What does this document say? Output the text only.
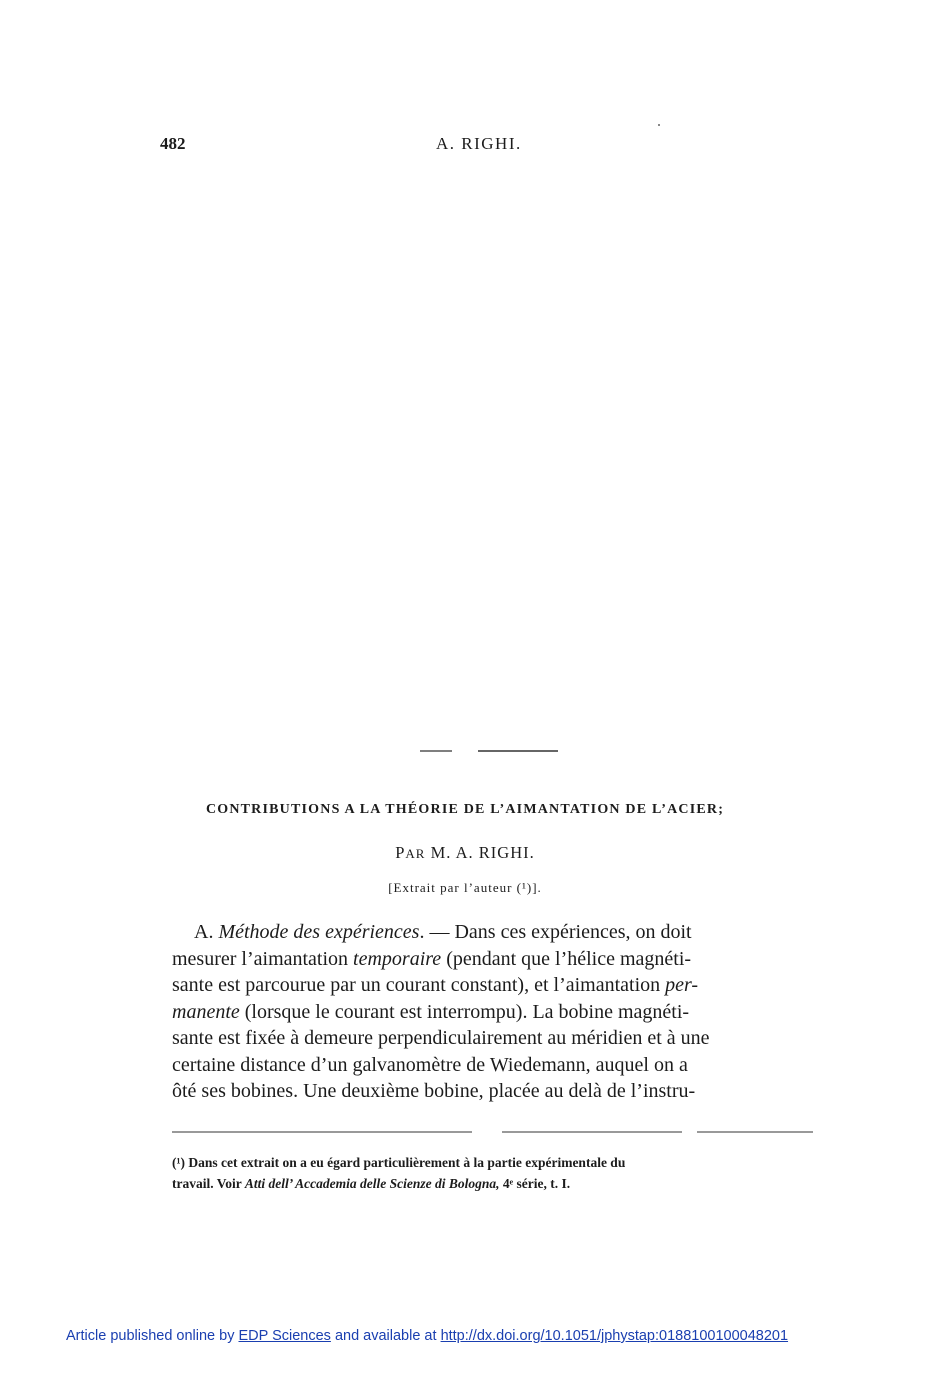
482	A. RIGHI.
CONTRIBUTIONS A LA THÉORIE DE L’AIMANTATION DE L’ACIER;
PAR M. A. RIGHI.
[Extrait par l’auteur (¹)].
A. Méthode des expériences. — Dans ces expériences, on doit
mesurer l’aimantation temporaire (pendant que l’hélice magnéti-
sante est parcourue par un courant constant), et l’aimantation per-
manente (lorsque le courant est interrompu). La bobine magnéti-
sante est fixée à demeure perpendiculairement au méridien et à une
certaine distance d’un galvanomètre de Wiedemann, auquel on a
ôté ses bobines. Une deuxième bobine, placée au delà de l’instru-
(¹) Dans cet extrait on a eu égard particulièrement à la partie expérimentale du
travail. Voir Atti dell’ Accademia delle Scienze di Bologna, 4ᵉ série, t. I.
Article published online by EDP Sciences and available at http://dx.doi.org/10.1051/jphystap:0188100100048201
